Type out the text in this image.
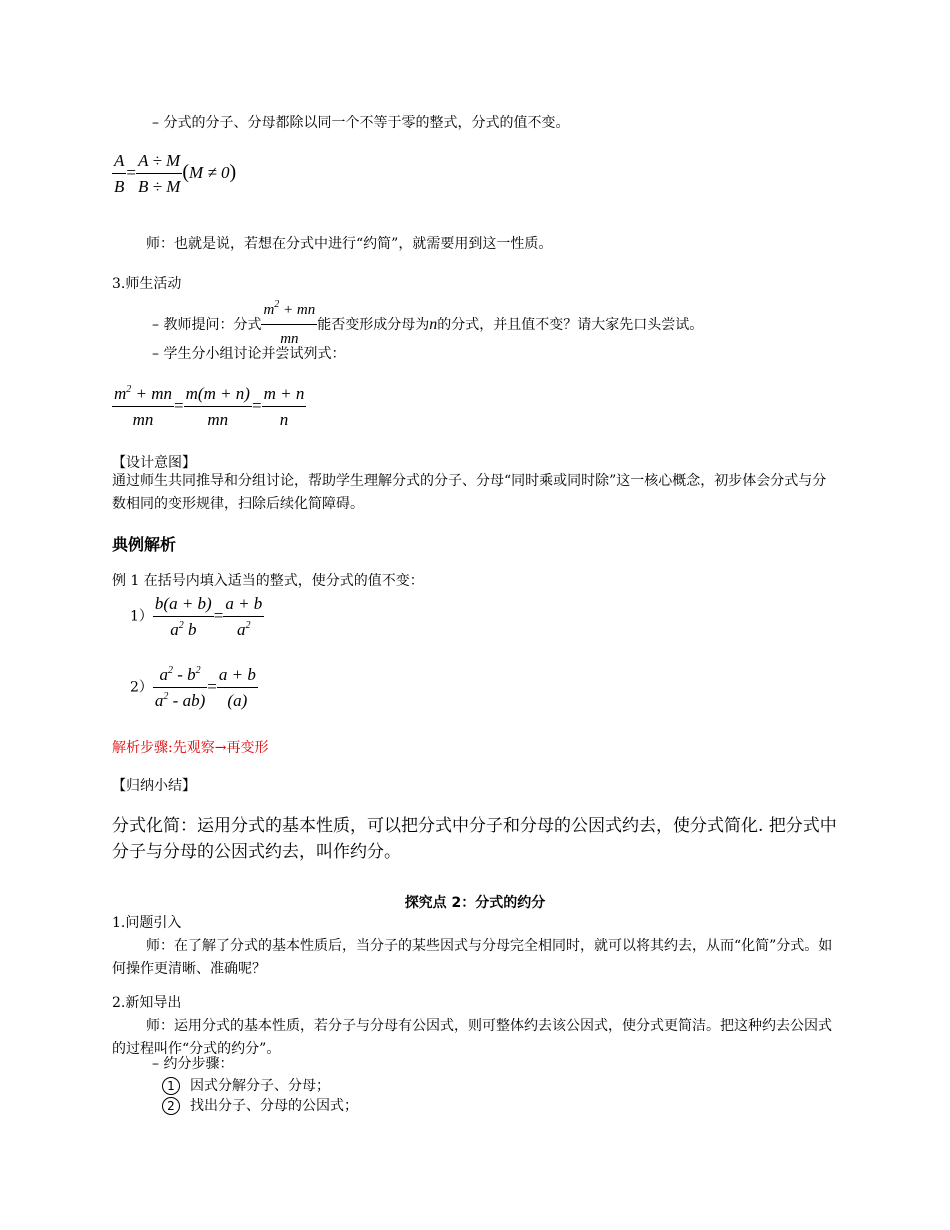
– 分式的分子、分母都除以同一个不等于零的整式，分式的值不变。
$\frac{A}{B} = \frac{A \div M}{B \div M} (M \ne 0)$
师：也就是说，若想在分式中进行“约简”，就需要用到这一性质。
3.师生活动
– 教师提问：分式 $\frac{m^2 + mn}{mn}$ 能否变形成分母为n的分式，并且值不变？请大家先口头尝试。
– 学生分小组讨论并尝试列式：
$\frac{m^2 + mn}{mn} = \frac{m(m + n)}{mn} = \frac{m + n}{n}$
【设计意图】
通过师生共同推导和分组讨论，帮助学生理解分式的分子、分母“同时乘或同时除”这一核心概念，初步体会分式与分数相同的变形规律，扫除后续化简障碍。
典例解析
例 1 在括号内填入适当的整式，使分式的值不变：
$1) \frac{b(a + b)}{a^2 b} = \frac{a + b}{a^2}$
$2) \frac{a^2 - b^2}{a^2 - ab)} = \frac{a + b}{(a)}$
解析步骤:先观察→再变形
【归纳小结】
分式化简：运用分式的基本性质，可以把分式中分子和分母的公因式约去，使分式简化. 把分式中分子与分母的公因式约去，叫作约分。
探究点 2：分式的约分
1.问题引入
师：在了解了分式的基本性质后，当分子的某些因式与分母完全相同时，就可以将其约去，从而“化简”分式。如何操作更清晰、准确呢？
2.新知导出
师：运用分式的基本性质，若分子与分母有公因式，则可整体约去该公因式，使分式更简洁。把这种约去公因式的过程叫作“分式的约分”。
– 约分步骤：
1 因式分解分子、分母；
2 找出分子、分母的公因式；
